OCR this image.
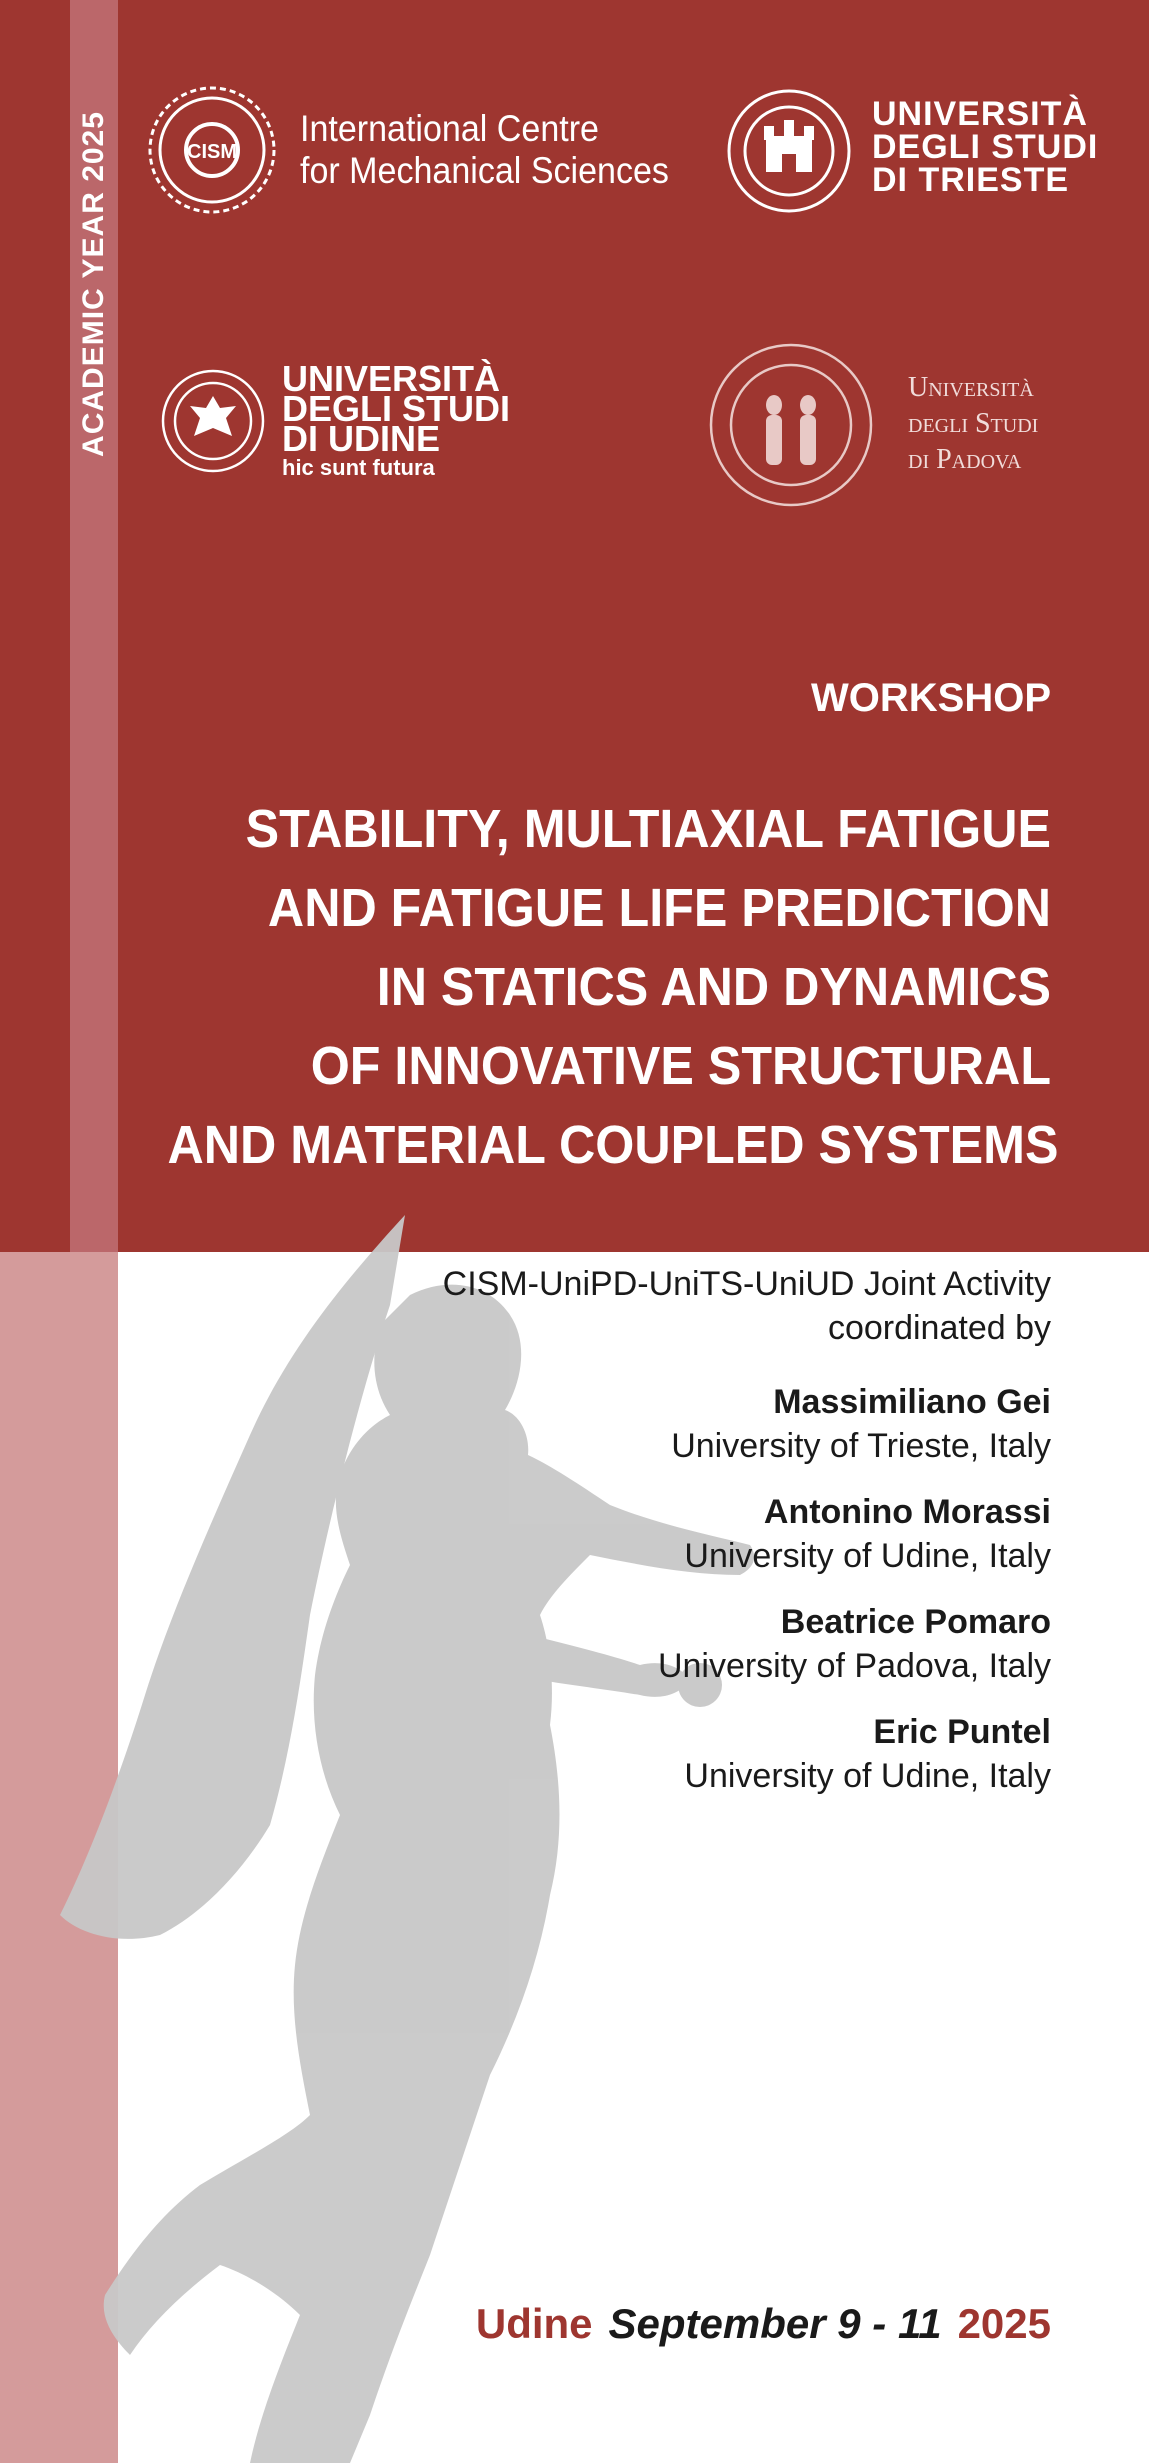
ACADEMIC YEAR 2025	CISM
International Centre
for Mechanical Sciences
UNIVERSITÀ
DEGLI STUDI
DI TRIESTE
UNIVERSITÀ
DEGLI STUDI
DI UDINE
hic sunt futura
Università
degli Studi
di Padova
WORKSHOP
STABILITY, MULTIAXIAL FATIGUE
AND FATIGUE LIFE PREDICTION
IN STATICS AND DYNAMICS
OF INNOVATIVE STRUCTURAL
AND MATERIAL COUPLED SYSTEMS
CISM-UniPD-UniTS-UniUD Joint Activity
coordinated by
Massimiliano Gei
University of Trieste, Italy
Antonino Morassi
University of Udine, Italy
Beatrice Pomaro
University of Padova, Italy
Eric Puntel
University of Udine, Italy
Udine September 9 - 11 2025
